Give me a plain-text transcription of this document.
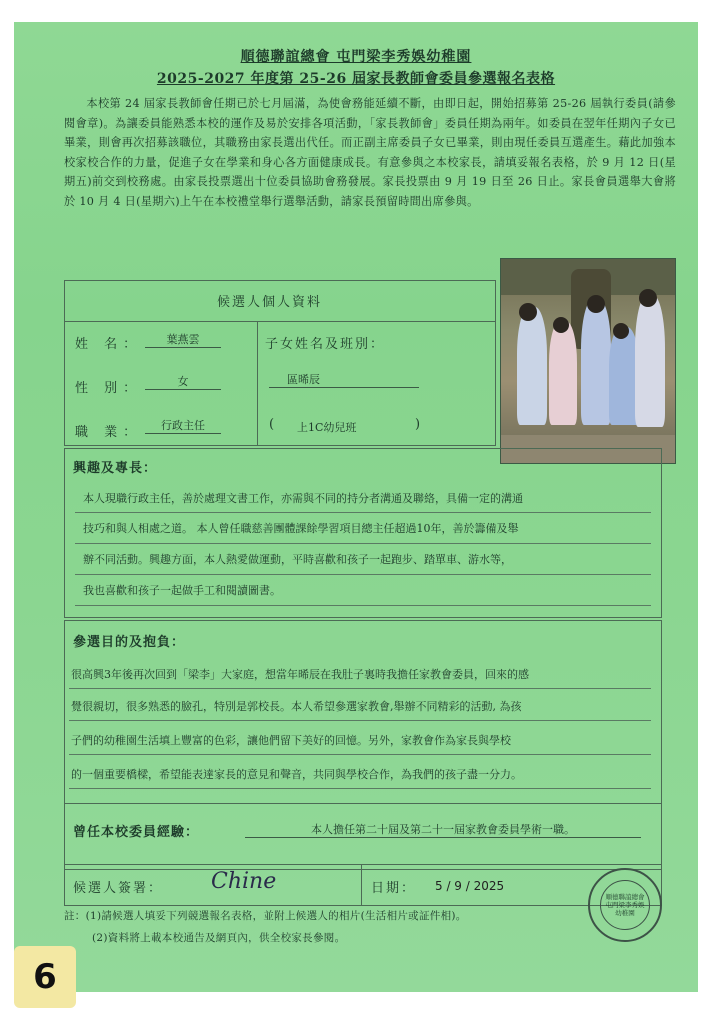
順德聯誼總會 屯門梁李秀娛幼稚園
2025-2027 年度第 25-26 屆家長教師會委員參選報名表格
本校第 24 屆家長教師會任期已於七月屆滿，為使會務能延續不斷，由即日起，開始招募第 25-26 屆執行委員(請參閱會章)。為讓委員能熟悉本校的運作及易於安排各項活動，「家長教師會」委員任期為兩年。如委員在翌年任期內子女已畢業，則會再次招募該職位，其職務由家長選出代任。而正副主席委員子女已畢業，則由現任委員互選產生。藉此加強本校家校合作的力量，促進子女在學業和身心各方面健康成長。有意參與之本校家長，請填妥報名表格，於 9 月 12 日(星期五)前交到校務處。由家長投票選出十位委員協助會務發展。家長投票由 9 月 19 日至 26 日止。家長會員選舉大會將於 10 月 4 日(星期六)上午在本校禮堂舉行選舉活動，請家長預留時間出席參與。
候選人個人資料
姓 名：	葉燕雲
性 別：	女
職 業：	行政主任
子女姓名及班別：
區晞辰
( 上1C幼兒班	)
興趣及專長：
本人現職行政主任，善於處理文書工作，亦需與不同的持分者溝通及聯絡，具備一定的溝通
技巧和與人相處之道。 本人曾任職慈善團體課餘學習項目總主任超過10年，善於籌備及舉
辦不同活動。興趣方面，本人熱愛做運動，平時喜歡和孩子一起跑步、踏單車、游水等，
我也喜歡和孩子一起做手工和閱讀圖書。
參選目的及抱負：
很高興3年後再次回到「梁李」大家庭，想當年晞辰在我肚子裏時我擔任家教會委員，回來的感
覺很親切，很多熟悉的臉孔，特別是郭校長。本人希望參選家教會,舉辦不同精彩的活動, 為孩
子們的幼稚園生活填上豐富的色彩，讓他們留下美好的回憶。另外，家教會作為家長與學校
的一個重要橋樑，希望能表達家長的意見和聲音，共同與學校合作，為我們的孩子盡一分力。
曾任本校委員經驗：	本人擔任第二十屆及第二十一屆家教會委員學術一職。
候選人簽署： Chine	日期： 5 / 9 / 2025
順德聯誼總會
屯門梁李秀娛
幼稚園
註：(1)請候選人填妥下列競選報名表格，並附上候選人的相片(生活相片或証件相)。
(2)資料將上載本校通告及網頁內，供全校家長參閱。
6
